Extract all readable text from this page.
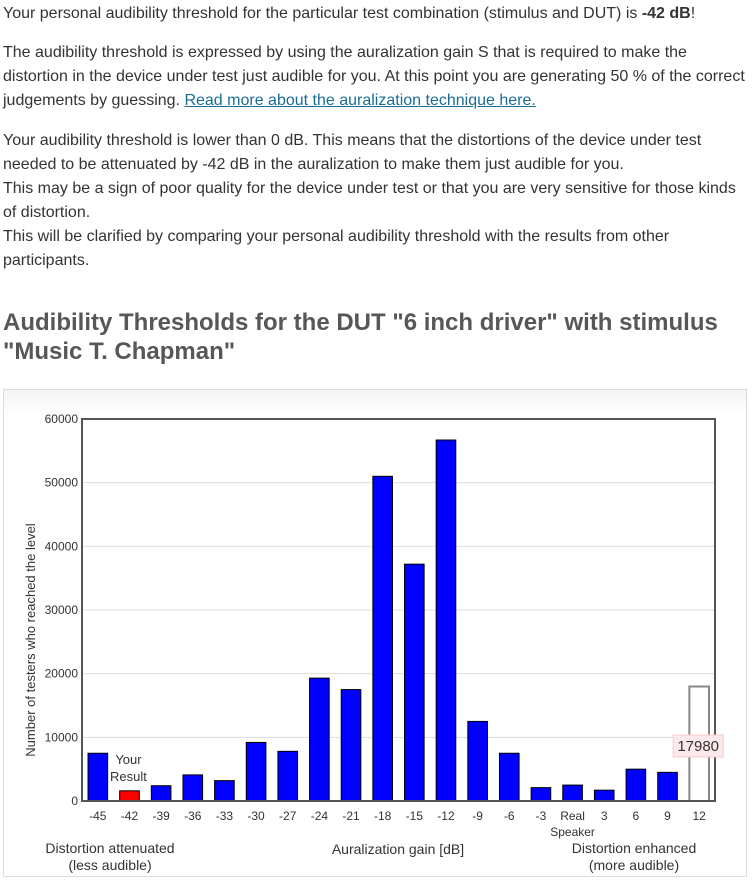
Your personal audibility threshold for the particular test combination (stimulus and DUT) is -42 dB!

The audibility threshold is expressed by using the auralization gain S that is required to make the distortion in the device under test just audible for you. At this point you are generating 50 % of the correct judgements by guessing. Read more about the auralization technique here.

Your audibility threshold is lower than 0 dB. This means that the distortions of the device under test needed to be attenuated by -42 dB in the auralization to make them just audible for you.
This may be a sign of poor quality for the device under test or that you are very sensitive for those kinds of distortion.
This will be clarified by comparing your personal audibility threshold with the results from other participants.

Audibility Thresholds for the DUT "6 inch driver" with stimulus "Music T. Chapman"
0
10000
20000
30000
40000
50000
60000
-45 -42 -39 -36 -33 -30 -27 -24 -21 -18 -15 -12 -9 -6 -3	Real Speaker
3 6 9 12
Your
Result
17980
Number of testers who reached the level
Distortion attenuated
(less audible)
Auralization gain [dB]	Distortion enhanced
(more audible)
